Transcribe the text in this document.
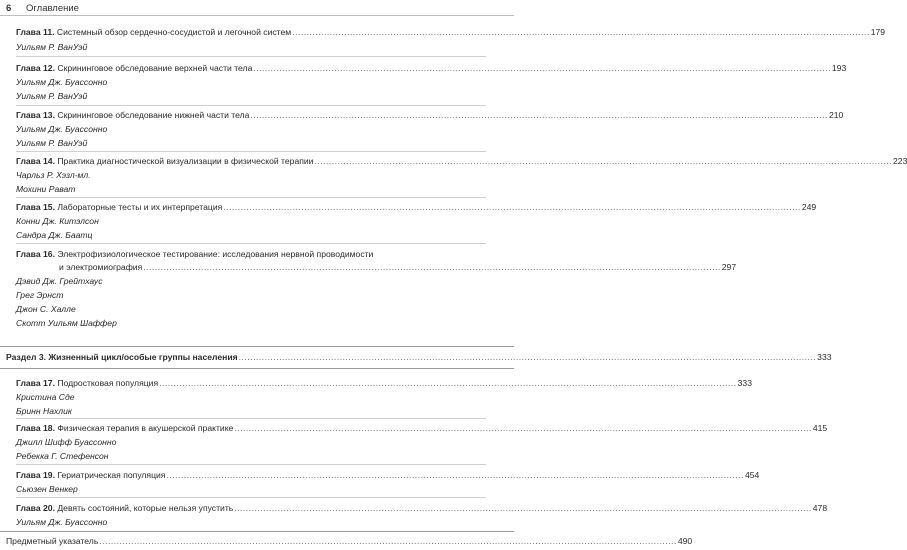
6 Оглавление
Глава 11. Системный обзор сердечно-сосудистой и легочной систем ........................................................................................................................................................................................................ 179
Уильям Р. ВанУэй
Глава 12. Скрининговое обследование верхней части тела ........................................................................................................................................................................................................ 193
Уильям Дж. Буассонно
Уильям Р. ВанУэй
Глава 13. Скрининговое обследование нижней части тела ........................................................................................................................................................................................................ 210
Уильям Дж. Буассонно
Уильям Р. ВанУэй
Глава 14. Практика диагностической визуализации в физической терапии ........................................................................................................................................................................................................ 223
Чарльз Р. Хэзл-мл.
Мохини Рават
Глава 15. Лабораторные тесты и их интерпретация ........................................................................................................................................................................................................ 249
Конни Дж. Китэлсон
Сандра Дж. Баатц
Глава 16. Электрофизиологическое тестирование: исследования нервной проводимости
и электромиография ........................................................................................................................................................................................................ 297
Дэвид Дж. Грейтхаус
Грег Эрнст
Джон С. Халле
Скотт Уильям Шаффер
Раздел 3. Жизненный цикл/особые группы населения ........................................................................................................................................................................................................ 333
Глава 17. Подростковая популяция ........................................................................................................................................................................................................ 333
Кристина Сде
Бринн Нахлик
Глава 18. Физическая терапия в акушерской практике ........................................................................................................................................................................................................ 415
Джилл Шифф Буассонно
Ребекка Г. Стефенсон
Глава 19. Гериатрическая популяция ........................................................................................................................................................................................................ 454
Сьюзен Венкер
Глава 20. Девять состояний, которые нельзя упустить ........................................................................................................................................................................................................ 478
Уильям Дж. Буассонно
Предметный указатель ........................................................................................................................................................................................................ 490
